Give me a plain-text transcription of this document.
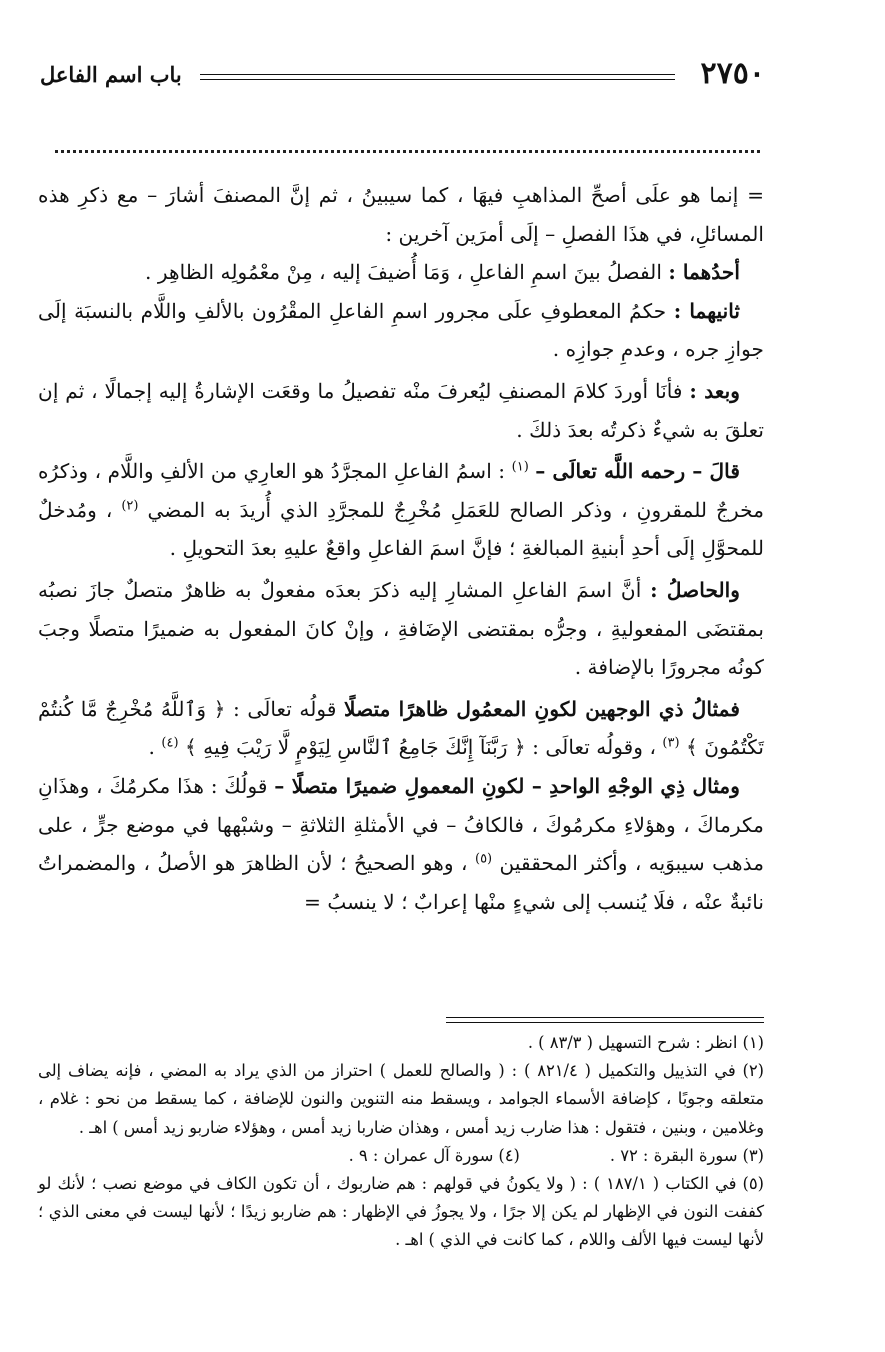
٢٧٥٠
باب اسم الفاعل

= إنما هو علَى أصحِّ المذاهبِ فيهَا ، كما سيبينُ ، ثم إنَّ المصنفَ أشارَ – مع ذكرِ هذه المسائلِ، في هذَا الفصلِ – إلَى أمرَين آخرين :

أحدُهما : الفصلُ بينَ اسمِ الفاعلِ ، وَمَا أُضيفَ إليه ، مِنْ معْمُولِه الظاهِر .

ثانيهما : حكمُ المعطوفِ علَى مجرور اسمِ الفاعلِ المقْرُون بالألفِ واللَّام بالنسبَة إلَى جوازِ جره ، وعدمِ جوازِه .

وبعد : فأنَا أوردَ كلامَ المصنفِ ليُعرفَ منْه تفصيلُ ما وقعَت الإشارةُ إليه إجمالًا ، ثم إن تعلقَ به شيءٌ ذكرتُه بعدَ ذلكَ .

قالَ – رحمه اللَّه تعالَى – $^{(١)}$ : اسمُ الفاعلِ المجرَّدُ هو العارِي من الألفِ واللَّام ، وذكرُه مخرجٌ للمقرونِ ، وذكر الصالح للعَمَلِ مُخْرِجٌ للمجرَّدِ الذي أُريدَ به المضي $^{(٢)}$ ، ومُدخلٌ للمحوَّلِ إلَى أحدِ أبنيةِ المبالغةِ ؛ فإنَّ اسمَ الفاعلِ واقعٌ عليهِ بعدَ التحويلِ .

والحاصلُ : أنَّ اسمَ الفاعلِ المشارِ إليه ذكرَ بعدَه مفعولٌ به ظاهرٌ متصلٌ جازَ نصبُه بمقتضَى المفعوليةِ ، وجرُّه بمقتضى الإضَافةِ ، وإنْ كانَ المفعول به ضميرًا متصلًا وجبَ كونُه مجرورًا بالإضافة .

فمثالُ ذي الوجهين لكونِ المعمُول ظاهرًا متصلًا قولُه تعالَى : ﴿ وَٱللَّهُ مُخْرِجٌ مَّا كُنتُمْ تَكْتُمُونَ ﴾ $^{(٣)}$ ، وقولُه تعالَى : ﴿ رَبَّنَآ إِنَّكَ جَامِعُ ٱلنَّاسِ لِيَوْمٍ لَّا رَيْبَ فِيهِ ﴾ $^{(٤)}$ .

ومثال ذِي الوجْهِ الواحدِ – لكونِ المعمولِ ضميرًا متصلًا – قولُكَ : هذَا مكرمُكَ ، وهذَانِ مكرماكَ ، وهؤلاءِ مكرمُوكَ ، فالكافُ – في الأمثلةِ الثلاثةِ – وشبْهها في موضع جرٍّ ، على مذهب سيبوَيه ، وأكثر المحققين $^{(٥)}$ ، وهو الصحيحُ ؛ لأن الظاهرَ هو الأصلُ ، والمضمراتُ نائبةٌ عنْه ، فلَا يُنسب إلى شيءٍ منْها إعرابٌ ؛ لا ينسبُ =

(١) انظر : شرح التسهيل ( ٨٣/٣ ) .

(٢) في التذييل والتكميل ( ٨٢١/٤ ) : ( والصالح للعمل ) احتراز من الذي يراد به المضي ، فإنه يضاف إلى متعلقه وجوبًا ، كإضافة الأسماء الجوامد ، ويسقط منه التنوين والنون للإضافة ، كما يسقط من نحو : غلام ، وغلامين ، وبنين ، فتقول : هذا ضارب زيد أمس ، وهذان ضاربا زيد أمس ، وهؤلاء ضاربو زيد أمس ) اهـ .

(٣) سورة البقرة : ٧٢ .

(٤) سورة آل عمران : ٩ .

(٥) في الكتاب ( ١٨٧/١ ) : ( ولا يكونُ في قولهم : هم ضاربوك ، أن تكون الكاف في موضع نصب ؛ لأنك لو كففت النون في الإظهار لم يكن إلا جرًا ، ولا يجوزُ في الإظهار : هم ضاربو زيدًا ؛ لأنها ليست في معنى الذي ؛ لأنها ليست فيها الألف واللام ، كما كانت في الذي ) اهـ .
